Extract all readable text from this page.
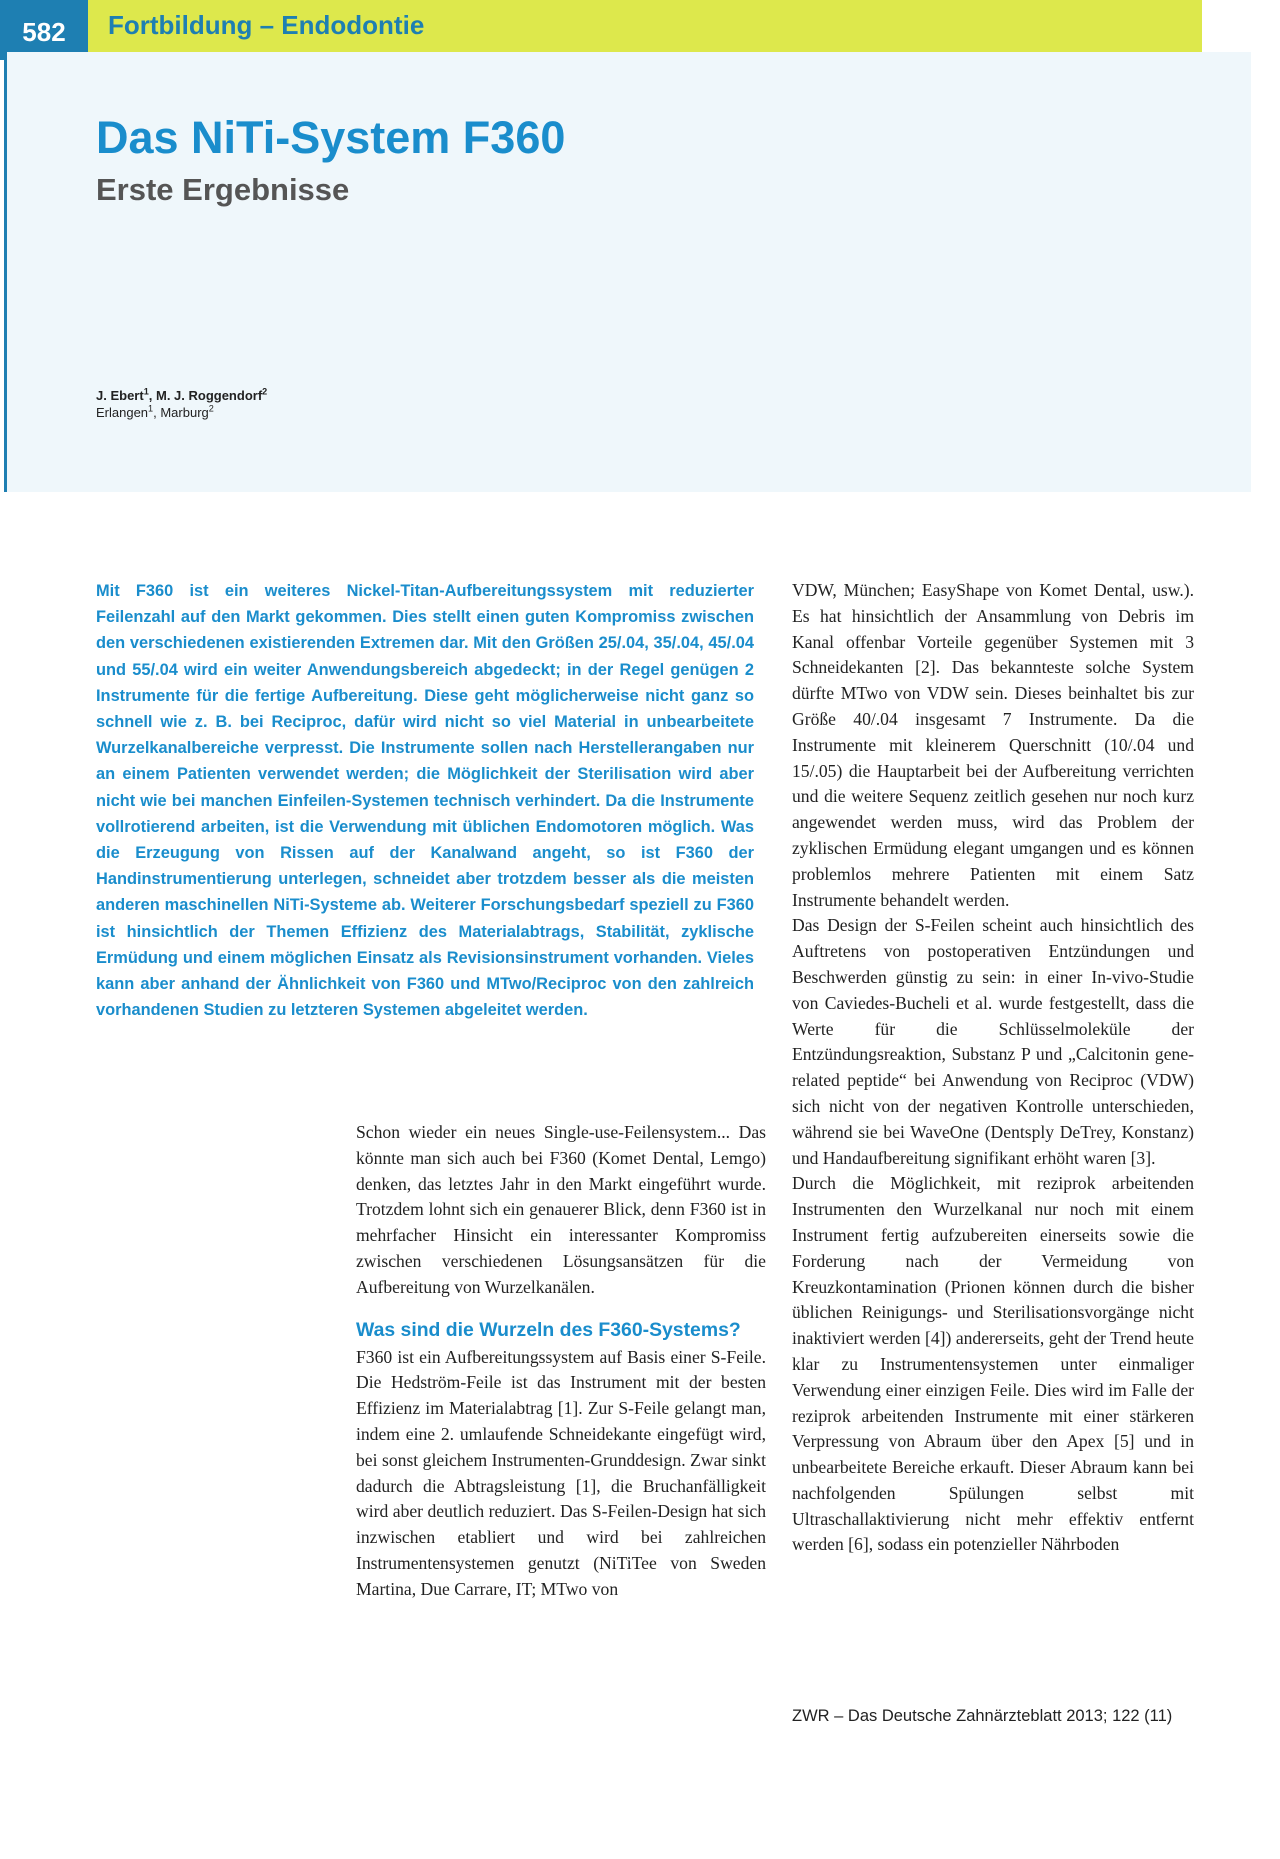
582	Fortbildung – Endodontie
Das NiTi-System F360
Erste Ergebnisse
J. Ebert$^1$, M. J. Roggendorf$^2$
Erlangen$^1$, Marburg$^2$

Mit F360 ist ein weiteres Nickel-Titan-Aufbereitungssystem mit reduzierter Feilenzahl auf den Markt gekommen. Dies stellt einen guten Kompromiss zwischen den verschiedenen existierenden Extremen dar. Mit den Größen 25/.04, 35/.04, 45/.04 und 55/.04 wird ein weiter Anwendungsbereich abgedeckt; in der Regel genügen 2 Instrumente für die fertige Aufbereitung. Diese geht möglicherweise nicht ganz so schnell wie z. B. bei Reciproc, dafür wird nicht so viel Material in unbearbeitete Wurzelkanalbereiche verpresst. Die Instrumente sollen nach Herstellerangaben nur an einem Patienten verwendet werden; die Möglichkeit der Sterilisation wird aber nicht wie bei manchen Einfeilen-Systemen technisch verhindert. Da die Instrumente vollrotierend arbeiten, ist die Verwendung mit üblichen Endomotoren möglich. Was die Erzeugung von Rissen auf der Kanalwand angeht, so ist F360 der Handinstrumentierung unterlegen, schneidet aber trotzdem besser als die meisten anderen maschinellen NiTi-Systeme ab. Weiterer Forschungsbedarf speziell zu F360 ist hinsichtlich der Themen Effizienz des Materialabtrags, Stabilität, zyklische Ermüdung und einem möglichen Einsatz als Revisionsinstrument vorhanden. Vieles kann aber anhand der Ähnlichkeit von F360 und MTwo/Reciproc von den zahlreich vorhandenen Studien zu letzteren Systemen abgeleitet werden.

Schon wieder ein neues Single-use-Feilensystem... Das könnte man sich auch bei F360 (Komet Dental, Lemgo) denken, das letztes Jahr in den Markt eingeführt wurde. Trotzdem lohnt sich ein genauerer Blick, denn F360 ist in mehrfacher Hinsicht ein interessanter Kompromiss zwischen verschiedenen Lösungsansätzen für die Aufbereitung von Wurzelkanälen.

Was sind die Wurzeln des F360-Systems?

F360 ist ein Aufbereitungssystem auf Basis einer S-Feile. Die Hedström-Feile ist das Instrument mit der besten Effizienz im Materialabtrag [1]. Zur S-Feile gelangt man, indem eine 2. umlaufende Schneidekante eingefügt wird, bei sonst gleichem Instrumenten-Grunddesign. Zwar sinkt dadurch die Abtragsleistung [1], die Bruchanfälligkeit wird aber deutlich reduziert. Das S-Feilen-Design hat sich inzwischen etabliert und wird bei zahlreichen Instrumentensystemen genutzt (NiTiTee von Sweden Martina, Due Carrare, IT; MTwo von

VDW, München; EasyShape von Komet Dental, usw.). Es hat hinsichtlich der Ansammlung von Debris im Kanal offenbar Vorteile gegenüber Systemen mit 3 Schneidekanten [2]. Das bekannteste solche System dürfte MTwo von VDW sein. Dieses beinhaltet bis zur Größe 40/.04 insgesamt 7 Instrumente. Da die Instrumente mit kleinerem Querschnitt (10/.04 und 15/.05) die Hauptarbeit bei der Aufbereitung verrichten und die weitere Sequenz zeitlich gesehen nur noch kurz angewendet werden muss, wird das Problem der zyklischen Ermüdung elegant umgangen und es können problemlos mehrere Patienten mit einem Satz Instrumente behandelt werden.

Das Design der S-Feilen scheint auch hinsichtlich des Auftretens von postoperativen Entzündungen und Beschwerden günstig zu sein: in einer In-vivo-Studie von Caviedes-Bucheli et al. wurde festgestellt, dass die Werte für die Schlüsselmoleküle der Entzündungsreaktion, Substanz P und „Calcitonin gene-related peptide“ bei Anwendung von Reciproc (VDW) sich nicht von der negativen Kontrolle unterschieden, während sie bei WaveOne (Dentsply DeTrey, Konstanz) und Handaufbereitung signifikant erhöht waren [3].

Durch die Möglichkeit, mit reziprok arbeitenden Instrumenten den Wurzelkanal nur noch mit einem Instrument fertig aufzubereiten einerseits sowie die Forderung nach der Vermeidung von Kreuzkontamination (Prionen können durch die bisher üblichen Reinigungs- und Sterilisationsvorgänge nicht inaktiviert werden [4]) andererseits, geht der Trend heute klar zu Instrumentensystemen unter einmaliger Verwendung einer einzigen Feile. Dies wird im Falle der reziprok arbeitenden Instrumente mit einer stärkeren Verpressung von Abraum über den Apex [5] und in unbearbeitete Bereiche erkauft. Dieser Abraum kann bei nachfolgenden Spülungen selbst mit Ultraschallaktivierung nicht mehr effektiv entfernt werden [6], sodass ein potenzieller Nährboden

ZWR – Das Deutsche Zahnärzteblatt 2013; 122 (11)
